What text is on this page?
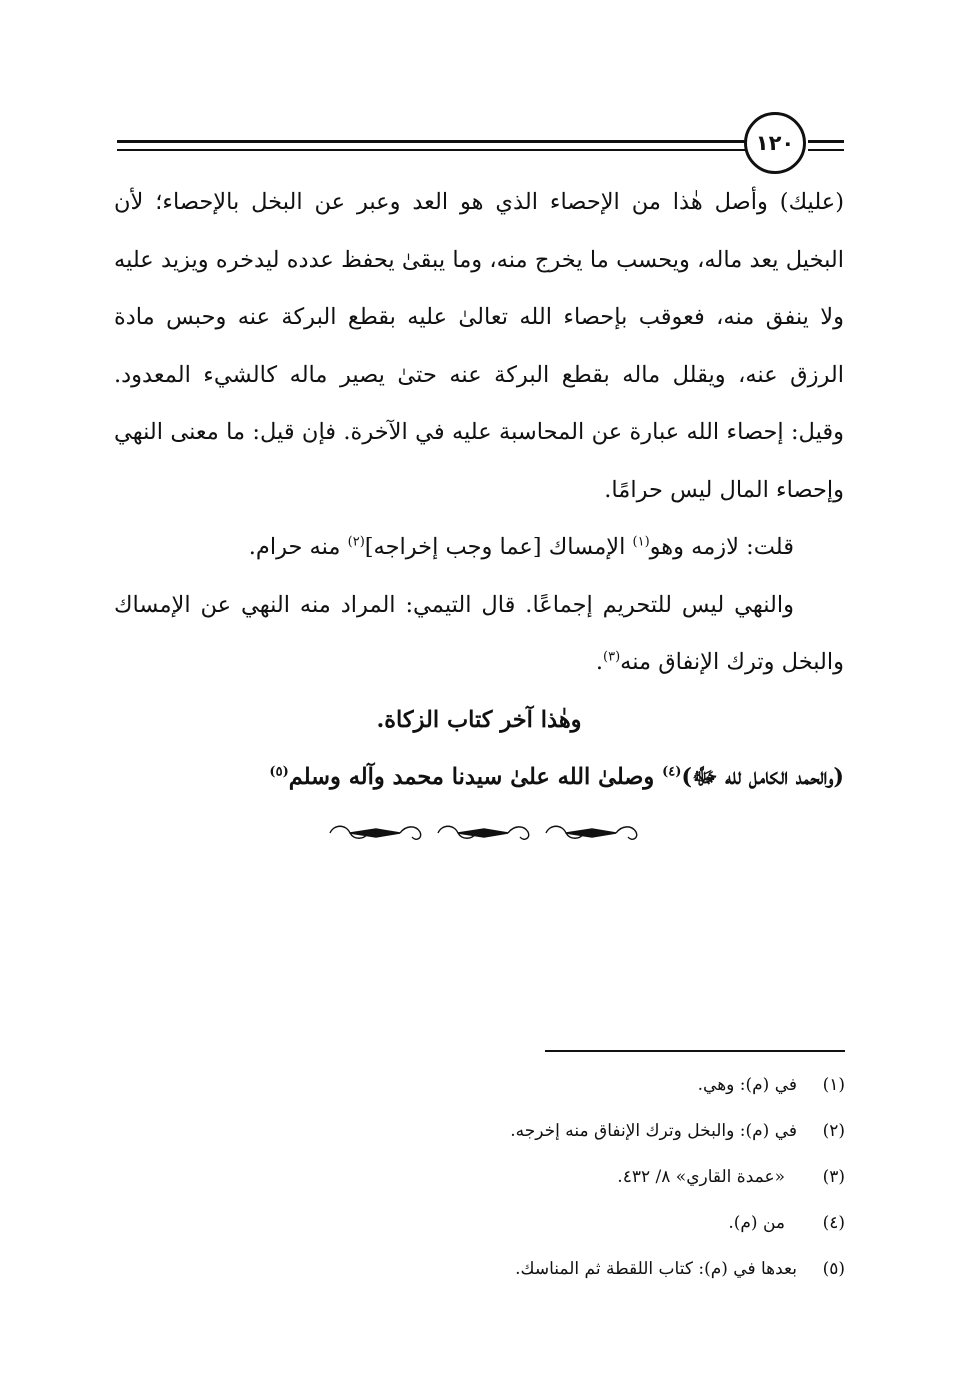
١٢٠

(عليك) وأصل هٰذا من الإحصاء الذي هو العد وعبر عن البخل بالإحصاء؛ لأن البخيل يعد ماله، ويحسب ما يخرج منه، وما يبقىٰ يحفظ عدده ليدخره ويزيد عليه ولا ينفق منه، فعوقب بإحصاء الله تعالىٰ عليه بقطع البركة عنه وحبس مادة الرزق عنه، ويقلل ماله بقطع البركة عنه حتىٰ يصير ماله كالشيء المعدود. وقيل: إحصاء الله عبارة عن المحاسبة عليه في الآخرة. فإن قيل: ما معنى النهي وإحصاء المال ليس حرامًا.

قلت: لازمه وهو$^{(١)}$ الإمساك [عما وجب إخراجه]$^{(٢)}$ منه حرام.

والنهي ليس للتحريم إجماعًا. قال التيمي: المراد منه النهي عن الإمساك والبخل وترك الإنفاق منه$^{(٣)}$.

وهٰذا آخر كتاب الزكاة.

(والحمد الكامل لله ﷻ)$^{(٤)}$ وصلىٰ الله علىٰ سيدنا محمد وآله وسلم$^{(٥)}$

(١)
في (م): وهي.
(٢)
في (م): والبخل وترك الإنفاق منه إخرجه.
(٣)
«عمدة القاري» ٨/ ٤٣٢.
(٤)
من (م).
(٥)
بعدها في (م): كتاب اللقطة ثم المناسك.
